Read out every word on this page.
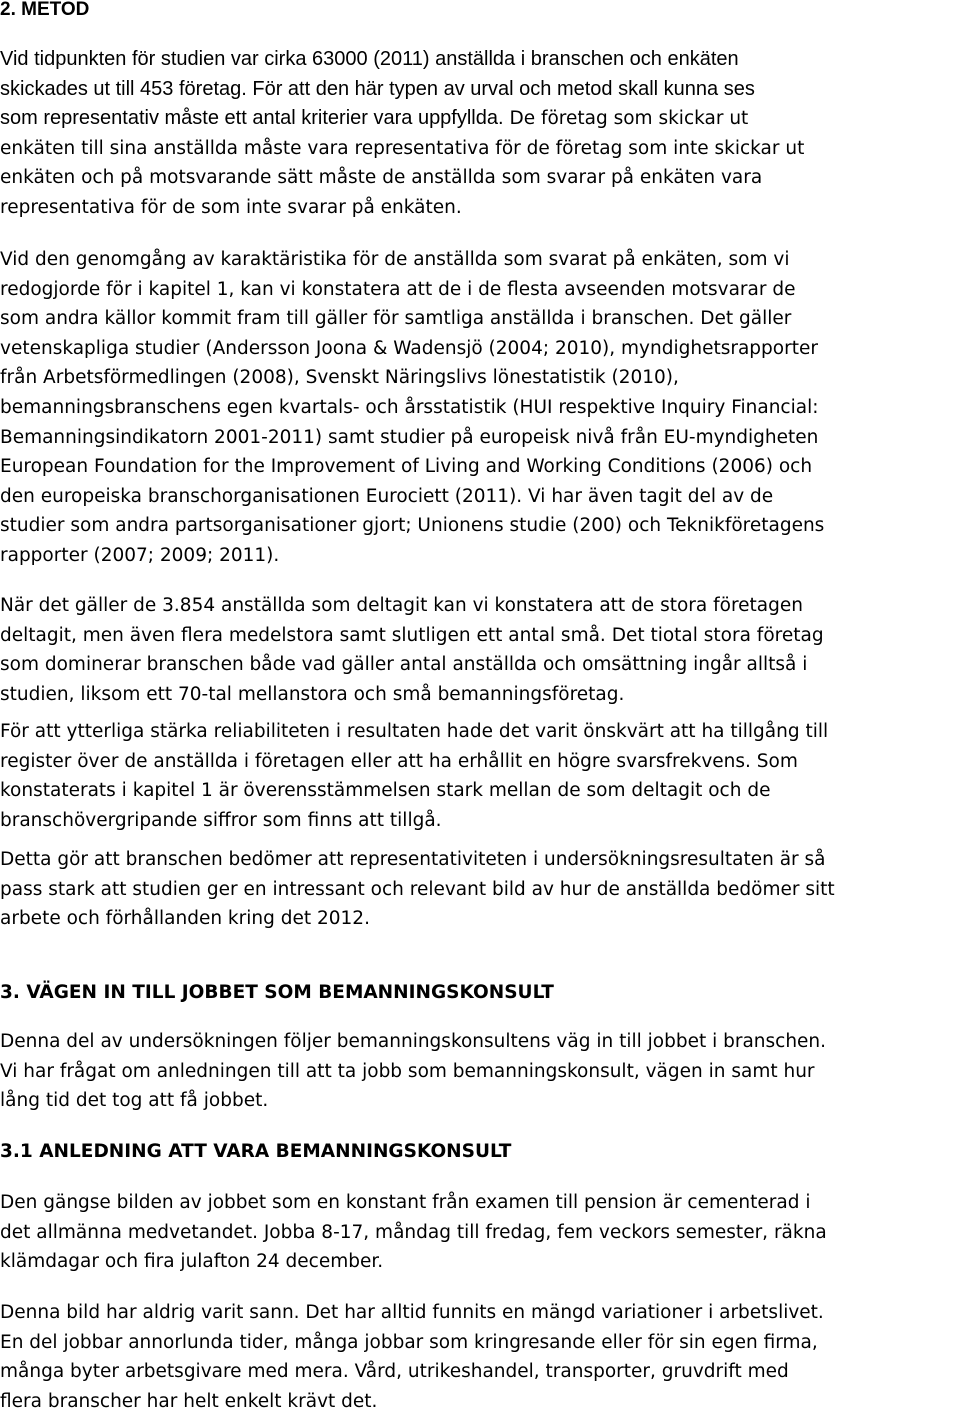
2. METOD

Vid tidpunkten för studien var cirka 63000 (2011) anställda i branschen och enkäten
skickades ut till 453 företag. För att den här typen av urval och metod skall kunna ses
som representativ måste ett antal kriterier vara uppfyllda. De företag som skickar ut
enkäten till sina anställda måste vara representativa för de företag som inte skickar ut
enkäten och på motsvarande sätt måste de anställda som svarar på enkäten vara
representativa för de som inte svarar på enkäten.

Vid den genomgång av karaktäristika för de anställda som svarat på enkäten, som vi
redogjorde för i kapitel 1, kan vi konstatera att de i de flesta avseenden motsvarar de
som andra källor kommit fram till gäller för samtliga anställda i branschen. Det gäller
vetenskapliga studier (Andersson Joona & Wadensjö (2004; 2010), myndighetsrapporter
från Arbetsförmedlingen (2008), Svenskt Näringslivs lönestatistik (2010),
bemanningsbranschens egen kvartals- och årsstatistik (HUI respektive Inquiry Financial:
Bemanningsindikatorn 2001-2011) samt studier på europeisk nivå från EU-myndigheten
European Foundation for the Improvement of Living and Working Conditions (2006) och
den europeiska branschorganisationen Eurociett (2011). Vi har även tagit del av de
studier som andra partsorganisationer gjort; Unionens studie (200) och Teknikföretagens
rapporter (2007; 2009; 2011).

När det gäller de 3.854 anställda som deltagit kan vi konstatera att de stora företagen
deltagit, men även flera medelstora samt slutligen ett antal små. Det tiotal stora företag
som dominerar branschen både vad gäller antal anställda och omsättning ingår alltså i
studien, liksom ett 70-tal mellanstora och små bemanningsföretag.

För att ytterliga stärka reliabiliteten i resultaten hade det varit önskvärt att ha tillgång till
register över de anställda i företagen eller att ha erhållit en högre svarsfrekvens. Som
konstaterats i kapitel 1 är överensstämmelsen stark mellan de som deltagit och de
branschövergripande siffror som finns att tillgå.

Detta gör att branschen bedömer att representativiteten i undersökningsresultaten är så
pass stark att studien ger en intressant och relevant bild av hur de anställda bedömer sitt
arbete och förhållanden kring det 2012.

3. VÄGEN IN TILL JOBBET SOM BEMANNINGSKONSULT

Denna del av undersökningen följer bemanningskonsultens väg in till jobbet i branschen.
Vi har frågat om anledningen till att ta jobb som bemanningskonsult, vägen in samt hur
lång tid det tog att få jobbet.

3.1 ANLEDNING ATT VARA BEMANNINGSKONSULT

Den gängse bilden av jobbet som en konstant från examen till pension är cementerad i
det allmänna medvetandet. Jobba 8-17, måndag till fredag, fem veckors semester, räkna
klämdagar och fira julafton 24 december.

Denna bild har aldrig varit sann. Det har alltid funnits en mängd variationer i arbetslivet.
En del jobbar annorlunda tider, många jobbar som kringresande eller för sin egen firma,
många byter arbetsgivare med mera. Vård, utrikeshandel, transporter, gruvdrift med
flera branscher har helt enkelt krävt det.
